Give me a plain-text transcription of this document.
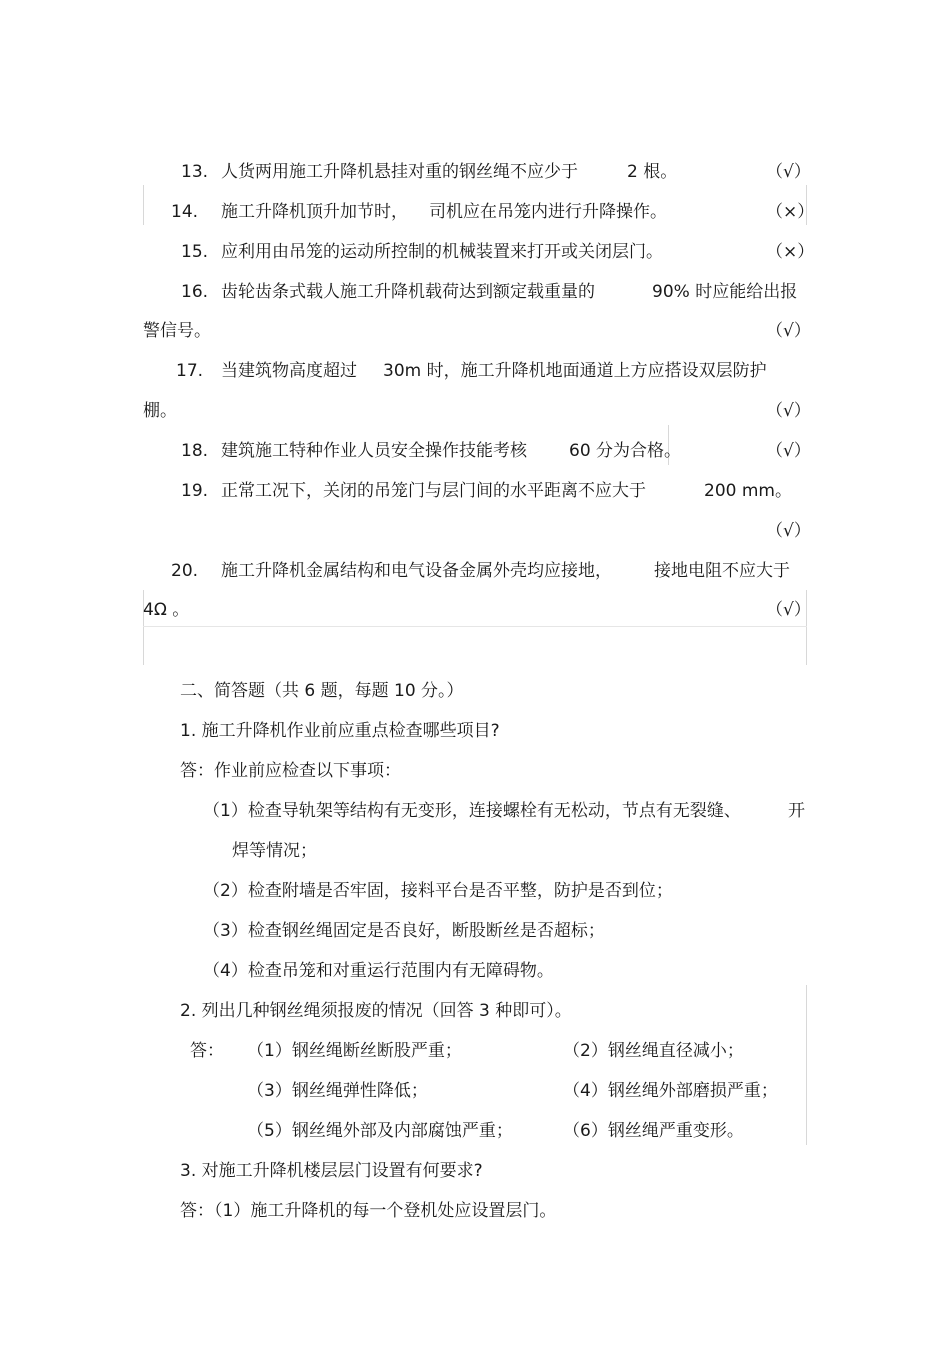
13. 人货两用施工升降机悬挂对重的钢丝绳不应少于	2 根。	（√）
14. 施工升降机顶升加节时， 司机应在吊笼内进行升降操作。	（×）
15. 应利用由吊笼的运动所控制的机械装置来打开或关闭层门。	（×）
16. 齿轮齿条式载人施工升降机载荷达到额定载重量的	90% 时应能给出报
警信号。	（√）
17. 当建筑物高度超过 30m 时，施工升降机地面通道上方应搭设双层防护
棚。	（√）
18. 建筑施工特种作业人员安全操作技能考核 60 分为合格。	（√）
19. 正常工况下，关闭的吊笼门与层门间的水平距离不应大于	200 mm。
（√）
20. 施工升降机金属结构和电气设备金属外壳均应接地， 接地电阻不应大于
4Ω 。	（√）
二、简答题（共 6 题，每题 10 分。）
1. 施工升降机作业前应重点检查哪些项目?
答：作业前应检查以下事项：
（1）检查导轨架等结构有无变形，连接螺栓有无松动，节点有无裂缝、	开
焊等情况；
（2）检查附墙是否牢固，接料平台是否平整，防护是否到位；
（3）检查钢丝绳固定是否良好，断股断丝是否超标；
（4）检查吊笼和对重运行范围内有无障碍物。
2. 列出几种钢丝绳须报废的情况（回答 3 种即可）。
答： （1）钢丝绳断丝断股严重；	（2）钢丝绳直径减小；
（3）钢丝绳弹性降低；	（4）钢丝绳外部磨损严重；
（5）钢丝绳外部及内部腐蚀严重；	（6）钢丝绳严重变形。
3. 对施工升降机楼层层门设置有何要求?
答：（1）施工升降机的每一个登机处应设置层门。
